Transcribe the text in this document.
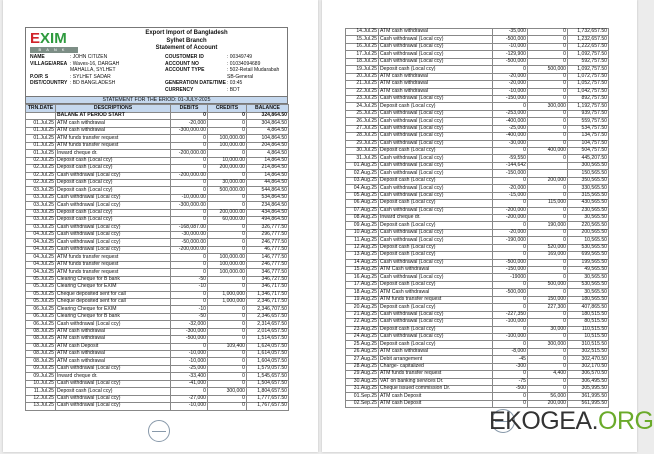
EXIM
BANK
Export Import of Bangladesh
Sylhet Branch
Statement of Account
NAME	: JOHN CITIZEN
VILLAGE/AREA : Waves-16, DARGAH
MAHALLA, SYLHET
P.O/P. S	: SYLHET SADAR
DIST/COUNTRY : BD BANGLADESH
COUSTOMER ID	: 00349749
ACCOUNT NO	: 01034094689
ACCOUNT TYPE	: 502-Retail Mudarabah
SB-General
GENERATION DATE/TIME : 03:45
CURRENCY	: BDT
STATEMENT FOR THE ERIOD: 01-JULY-2025
TRN.DATE	DESCRIPTIONS	DEBITS	CREDITS	BALANCE
	BALANE AT PERIOD START	0	0	324,864.50
01.Jul.25	ATM cash withdrawal	-20,000	0	304,864.50
01.Jul.25	ATM cash withdrawal	-300,000.00	0	4,864.50
01.Jul.25	ATM funds transfer request	0	100,000.00	104,864.50
01.Jul.25	ATM funds transfer request	0	100,000.00	204,864.50
01.Jul.25	Inward cheque dr.	-200,000.00	0	4,864.50
02.Jul.25	Deposit cash (Local ccy)	0	10,000.00	14,864.50
02.Jul.25	Deposit cash (Local ccy)	0	200,000.00	214,864.50
02.Jul.25	Cash withdrawal (Local ccy)	-200,000.00	0	14,864.50
02.Jul.25	Deposit cash (Local ccy)	0	30,000.00	44,864.50
03.Jul.25	Deposit cash (Local ccy)	0	500,000.00	544,864.50
03.Jul.25	Cash withdrawal (Local ccy)	-10,000.00	0	534,864.50
03.Jul.25	Cash withdrawal (Local ccy)	-300,000.00	0	234,864.50
03.Jul.25	Deposit cash (Local ccy)	0	200,000.00	434,864.50
03.Jul.25	Deposit cash (Local ccy)	0	60,000.00	494,864.50
03.Jul.25	Cash withdrawal (Local ccy)	-168,087.00	0	326,777.50
04.Jul.25	Cash withdrawal (Local ccy)	-30,000.00	0	296,777.50
04.Jul.25	Cash withdrawal (Local ccy)	-50,000.00	0	246,777.50
04.Jul.25	Cash withdrawal (Local ccy)	-200,000.00	0	46,777.50
04.Jul.25	ATM funds transfer request	0	100,000.00	146,777.50
04.Jul.25	ATM funds transfer request	0	100,000.00	246,777.50
04.Jul.25	ATM funds transfer request	0	100,000.00	346,777.50
05.Jul.25	Clearing Cheque for B bank	-50	0	346,727.50
05.Jul.25	Clearing Cheque for EXIM	-10	0	346,717.50
05.Jul.25	Cheque deposited sent for call	0	1,000,000	1,346,717.50
05.Jul.25	Cheque deposited sent for call	0	1,000,000	2,346,717.50
06.Jul.25	Clearing Cheque for EXIM	-10	0	2,346,707.50
06.Jul.25	Clearing Cheque for B bank	-50	0	2,346,657.50
06.Jul.25	Cash withdrawal (Local ccy)	-32,000	0	2,314,657.50
08.Jul.25	ATM cash withdrawal	-300,000	0	2,014,657.50
08.Jul.25	ATM cash withdrawal	-500,000	0	1,514,657.50
08.Jul.25	ATM cash Deposit	0	109,400	1,624,057.50
08.Jul.25	ATM cash withdrawal	-10,000	0	1,614,057.50
08.Jul.25	ATM cash withdrawal	-10,000	0	1,604,057.50
09.Jul.25	Cash withdrawal (Local ccy)	-25,000	0	1,579,057.50
09.Jul.25	Inward cheque dr.	-33,400	0	1,545,657.50
10.Jul.25	Cash withdrawal (Local ccy)	-41,000	0	1,504,657.50
11.Jul.25	Deposit cash (Local ccy)	0	300,000	1,804,657.50
12.Jul.25	Cash withdrawal (Local ccy)	-27,000	0	1,777,657.50
13.Jul.25	Cash withdrawal (Local ccy)	-10,000	0	1,767,657.50
14.Jul.25	ATM cash withdrawal	-35,000	0	1,732,657.50
15.Jul.25	Cash withdrawal (Local ccy)	-500,000	0	1,232,657.50
16.Jul.25	Cash withdrawal (Local ccy)	-10,000	0	1,222,657.50
17.Jul.25	Cash withdrawal (Local ccy)	-129,900	0	1,092,757.50
18.Jul.25	Cash withdrawal (Local ccy)	-500,000	0	592,757.50
19.Jul.25	Deposit cash (Local ccy)	0	500,000	1,092,757.50
20.Jul.25	ATM cash withdrawal	-20,000	0	1,072,757.50
21.Jul.25	ATM cash withdrawal	-20,000	0	1,052,757.50
22.Jul.25	ATM cash withdrawal	-10,000	0	1,042,757.50
23.Jul.25	Cash withdrawal (Local ccy)	-150,000	0	892,757.50
24.Jul.25	Deposit cash (Local ccy)	0	300,000	1,192,757.50
25.Jul.25	Cash withdrawal (Local ccy)	-253,000	0	939,757.50
26.Jul.25	Cash withdrawal (Local ccy)	-400,000	0	559,757.50
27.Jul.25	Cash withdrawal (Local ccy)	-25,000	0	534,757.50
28.Jul.25	Cash withdrawal (Local ccy)	-400,000	0	134,757.50
29.Jul.25	Cash withdrawal (Local ccy)	-30,000	0	104,757.50
30.Jul.25	Deposit cash (Local ccy)	0	400,000	504,757.50
31.Jul.25	Cash withdrawal (Local ccy)	-59,550	0	445,207.50
01.Aug.25	Cash withdrawal (Local ccy)	-144,642		300,565.50
02.Aug.25	Cash withdrawal (Local ccy)	-150,000		150,565.50
03.Aug.25	Deposit cash (Local ccy)	0	200,000	350,565.50
04.Aug.25	Cash withdrawal (Local ccy)	-20,000	0	330,565.50
05.Aug.25	Cash withdrawal (Local ccy)	-15,000	0	315,565.50
06.Aug.25	Deposit cash (Local ccy)	0	115,000	430,565.50
07.Aug.25	Cash withdrawal (Local ccy)	-200,000	0	230,565.50
08.Aug.25	Inward cheque dr.	-200,000	0	30,565.50
09.Aug.25	Deposit cash (Local ccy)	0	190,000	220,565.50
10.Aug.25	Cash withdrawal (Local ccy)	-20,000	0	200,565.50
11.Aug.25	Cash withdrawal (Local ccy)	-190,000	0	10,565.50
12.Aug.25	Deposit cash (Local ccy)	0	520,000	530,565.50
13.Aug.25	Deposit cash (Local ccy)	0	169,000	699,565.50
14.Aug.25	Cash withdrawal (Local ccy)	-500,000	0	199,565.50
15.Aug.25	ATM Cash withdrawal	-150,000	0	49,565.50
16.Aug.25	Cash withdrawal (Local ccy)	-19000	0	30,565.50
17.Aug.25	Deposit cash (Local ccy)	0	500,000	530,565.50
18.Aug.25	ATM Cash withdrawal	-500,000	0	30,565.50
19.Aug.25	ATM funds transfer request	0	150,000	180,565.50
20.Aug.25	Deposit cash (Local ccy)	0	227,300	407,865.50
21.Aug.25	Cash withdrawal (Local ccy)	-227,350	0	180,515.50
22.Aug.25	Cash withdrawal (Local ccy)	-100,000	0	80,515.50
23.Aug.25	Deposit cash (Local ccy)	0	30,000	110,515.50
24.Aug.25	Cash withdrawal (Local ccy)	-100,000	0	10,515.50
25.Aug.25	Deposit cash (Local ccy)	0	300,000	310,515.50
26.Aug.25	ATM cash withdrawal	-8,000	0	302,515.50
27.Aug.25	Debit arrangement	-45	0	302,470.50
28.Aug.25	Charge- capitalized	-300	0	302,170.50
29.Aug.25	ATM funds transfer request	0	4,400	306,570.50
30.Aug.25	VAT on banking services Dr.	-75	0	306,495.50
31.Aug.25	Cheque issued commission Dr.	-500	0	305,995.50
01.Sep.25	ATM cash Deposit	0	56,000	361,995.50
02.Sep.25	ATM cash Deposit	0	200,000	561,995.50
EKOGEA.ORG
